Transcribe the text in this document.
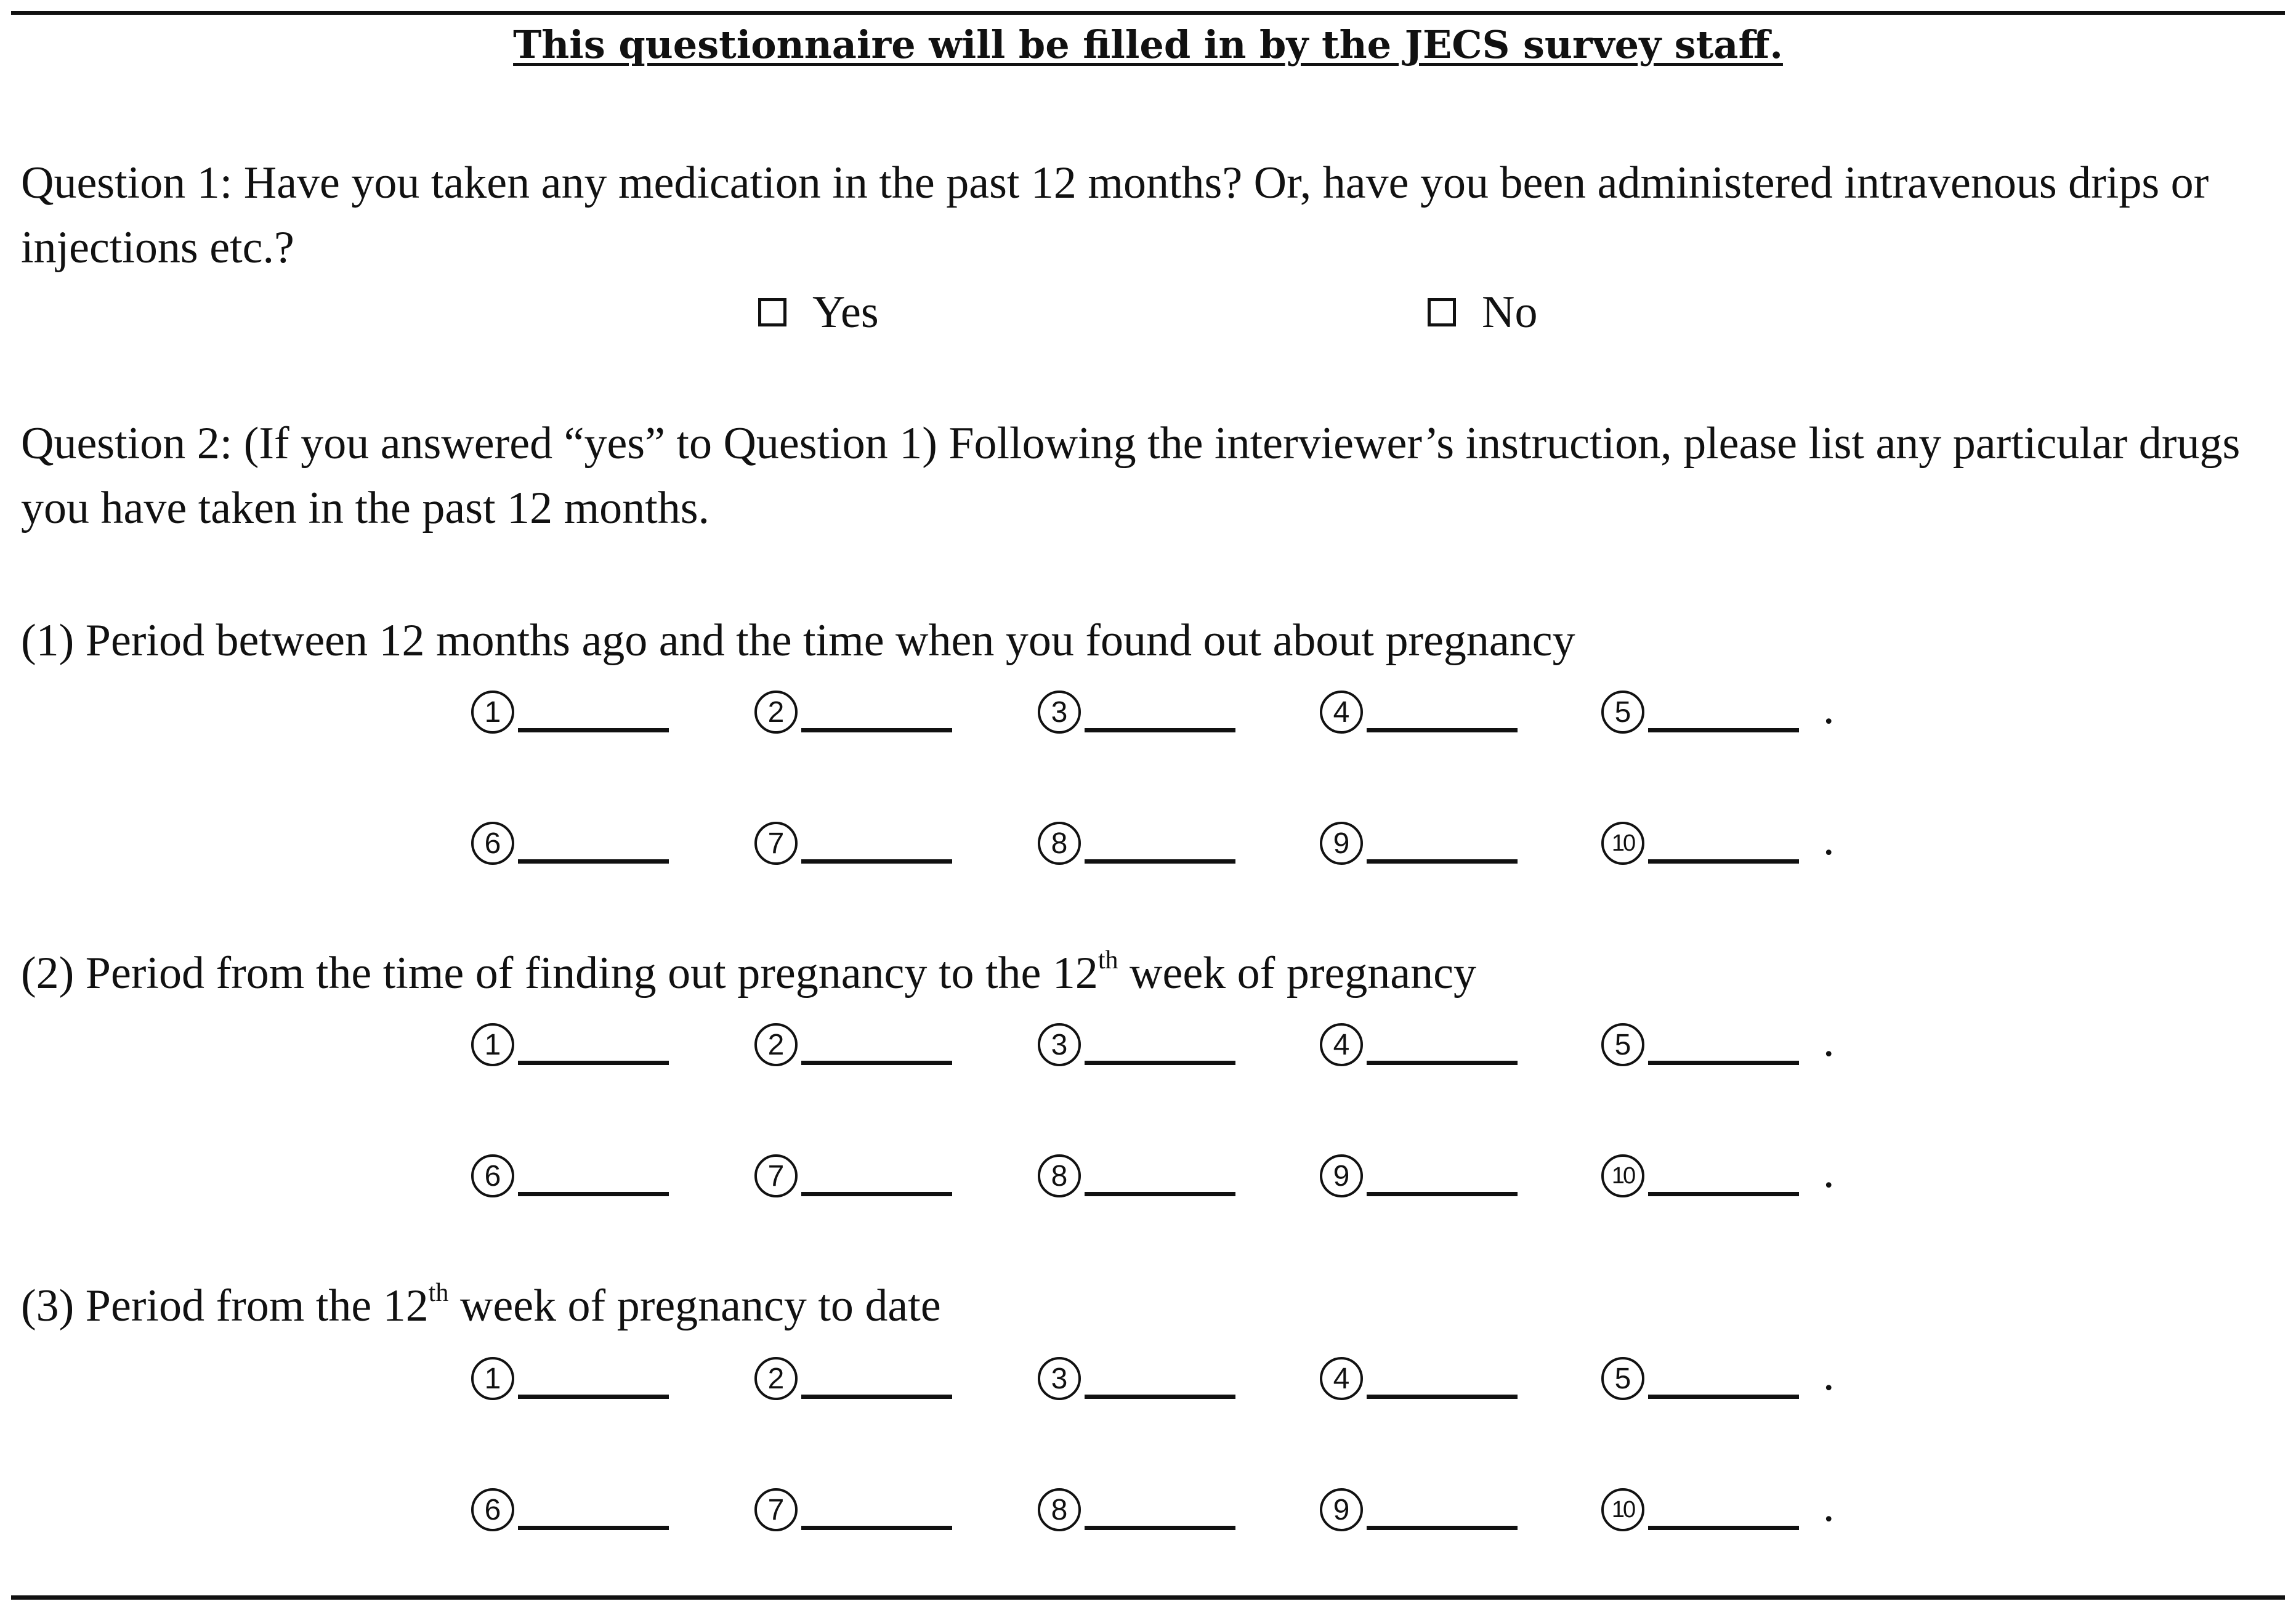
This questionnaire will be filled in by the JECS survey staff.
Question 1: Have you taken any medication in the past 12 months? Or, have you been administered intravenous drips or injections etc.?
Yes	No
Question 2: (If you answered “yes” to Question 1) Following the interviewer’s instruction, please list any particular drugs you have taken in the past 12 months.
(1) Period between 12 months ago and the time when you found out about pregnancy
(2) Period from the time of finding out pregnancy to the 12th week of pregnancy
(3) Period from the 12th week of pregnancy to date
1	2	3	4	5	.
6	7	8	9	10	.
1	2	3	4	5	.
6	7	8	9	10	.
1	2	3	4	5	.
6	7	8	9	10	.
